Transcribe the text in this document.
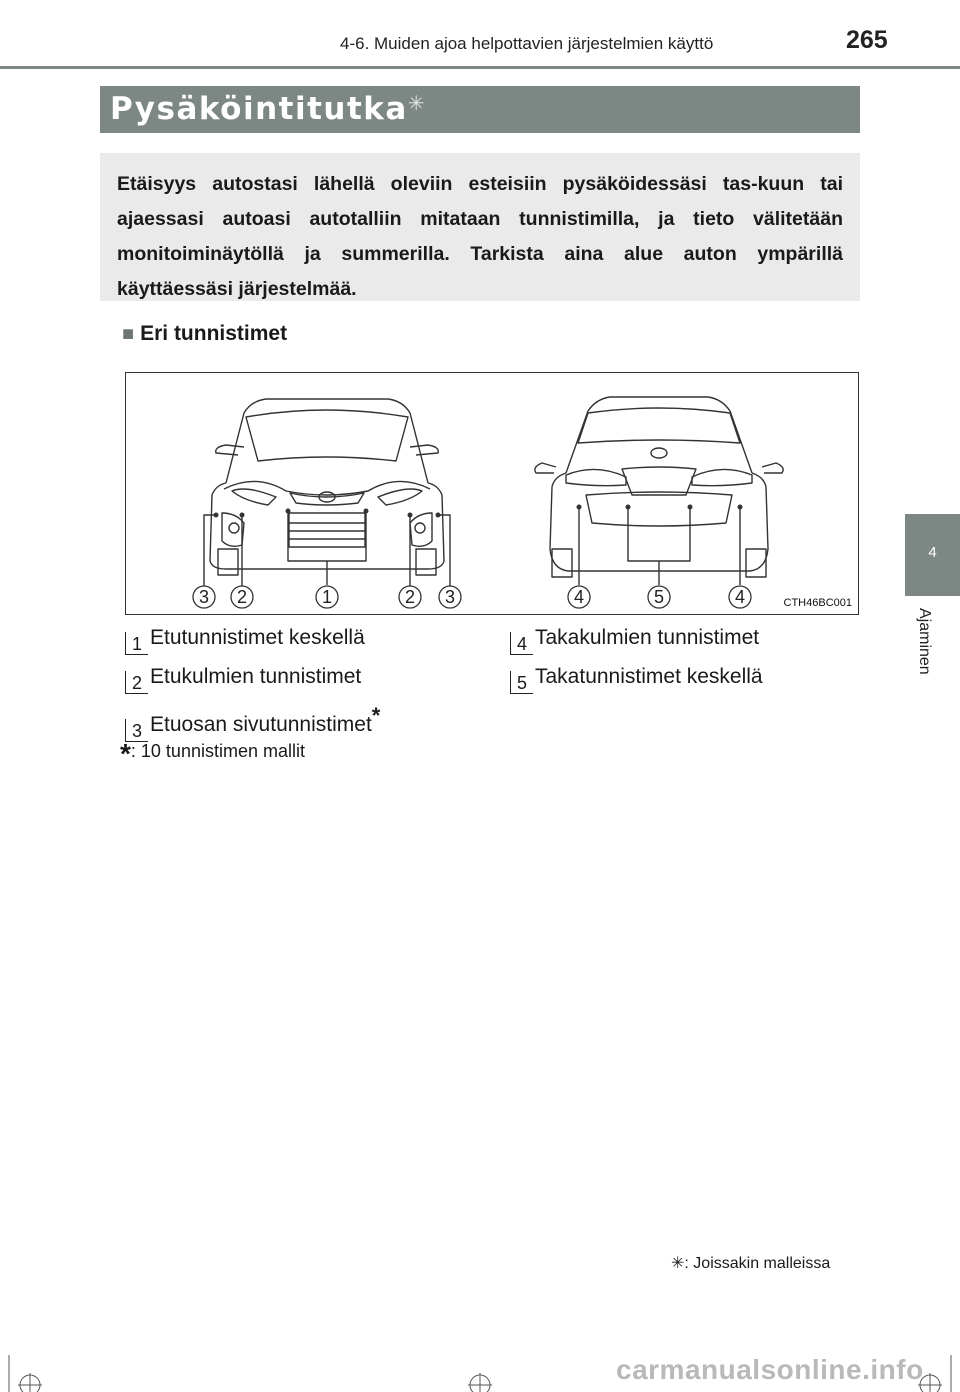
4-6. Muiden ajoa helpottavien järjestelmien käyttö	265
Pysäköintitutka✳

Etäisyys autostasi lähellä oleviin esteisiin pysäköidessäsi tas-kuun tai ajaessasi autoasi autotalliin mitataan tunnistimilla, ja tieto välitetään monitoiminäytöllä ja summerilla. Tarkista aina alue auton ympärillä käyttäessäsi järjestelmää.

■ Eri tunnistimet
3 2	1	2 3	4	5	4	CTH46BC001
1 Etutunnistimet keskellä
2 Etukulmien tunnistimet
3 Etuosan sivutunnistimet*
4 Takakulmien tunnistimet
5 Takatunnistimet keskellä
*: 10 tunnistimen mallit
✳: Joissakin malleissa
4
Ajaminen
carmanualsonline.info
